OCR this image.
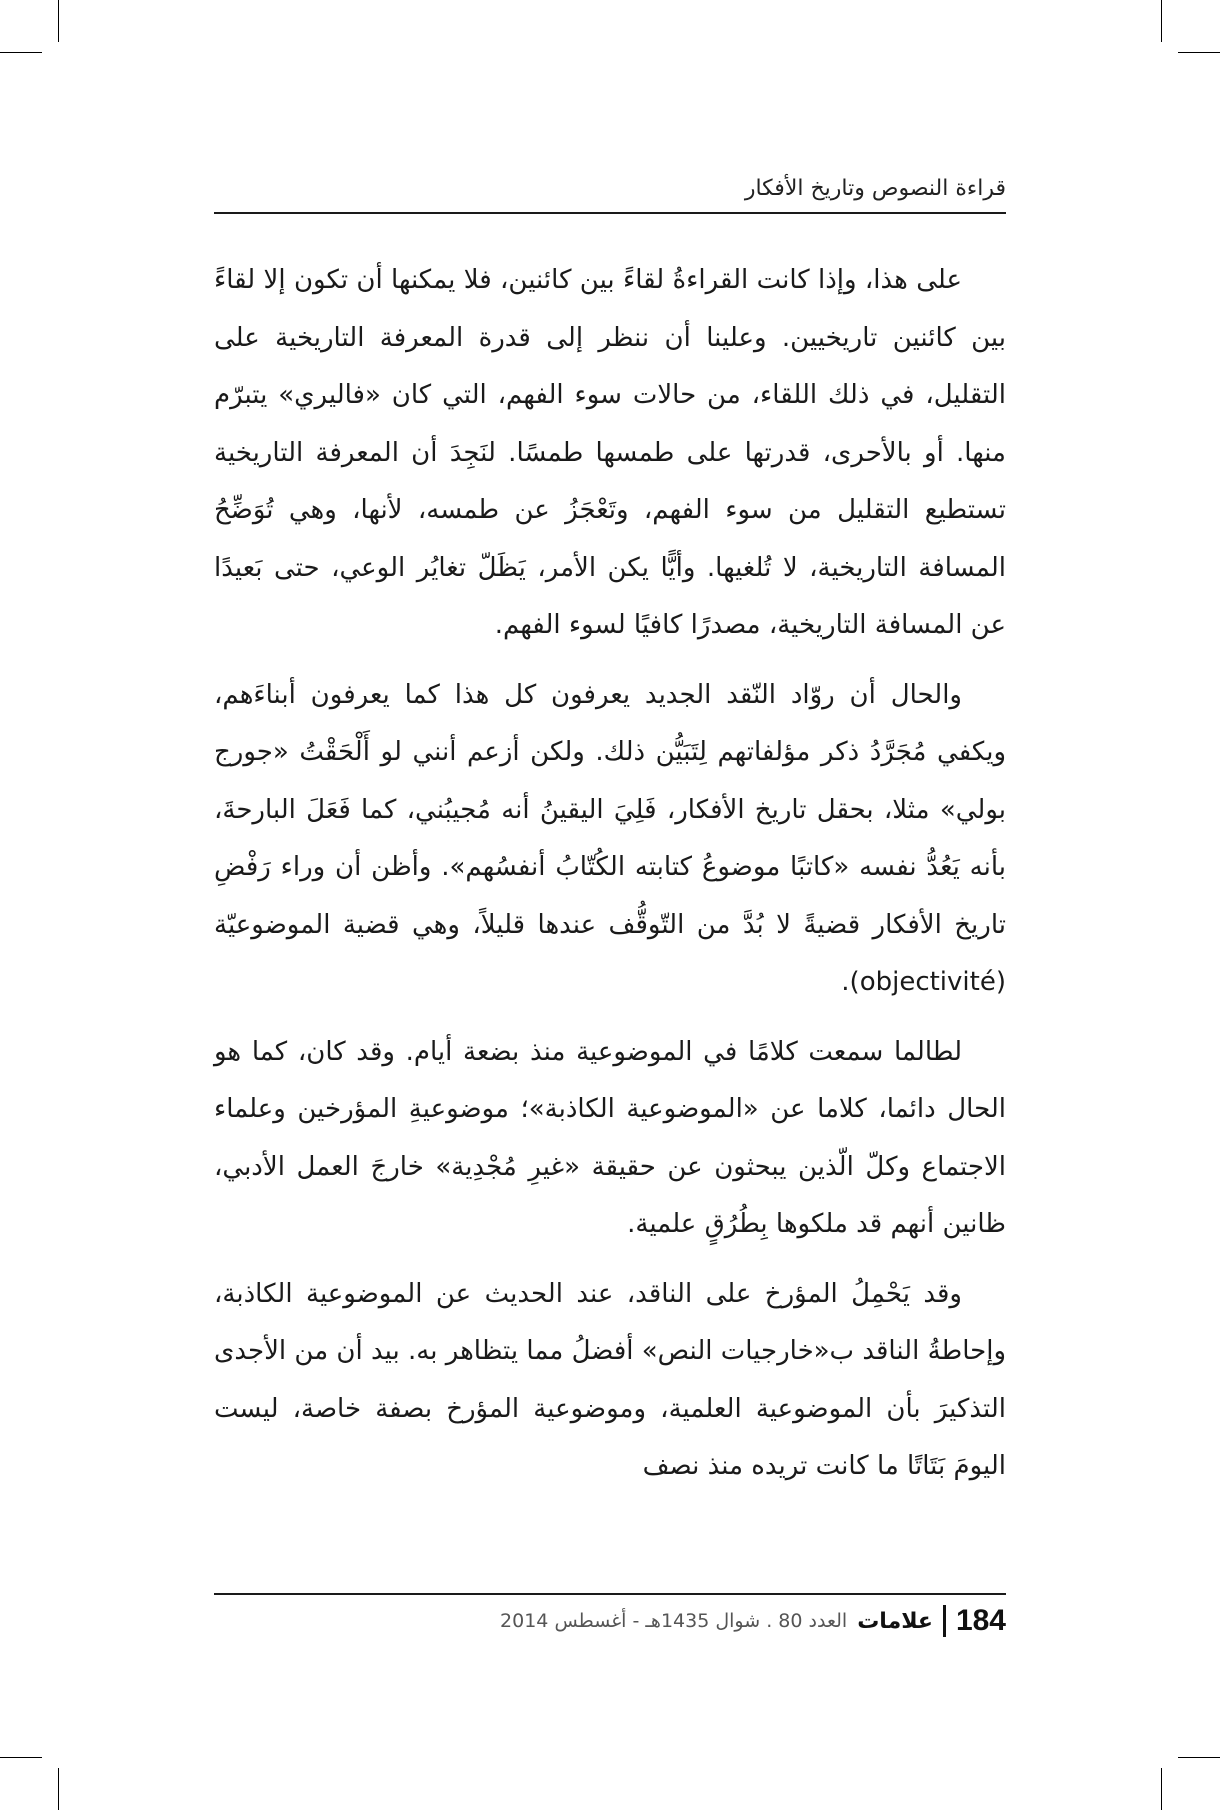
قراءة النصوص وتاريخ الأفكار

على هذا، وإذا كانت القراءةُ لقاءً بين كائنين، فلا يمكنها أن تكون إلا لقاءً بين كائنين تاريخيين. وعلينا أن ننظر إلى قدرة المعرفة التاريخية على التقليل، في ذلك اللقاء، من حالات سوء الفهم، التي كان «فاليري» يتبرّم منها. أو بالأحرى، قدرتها على طمسها طمسًا. لنَجِدَ أن المعرفة التاريخية تستطيع التقليل من سوء الفهم، وتَعْجَزُ عن طمسه، لأنها، وهي تُوَضِّحُ المسافة التاريخية، لا تُلغيها. وأيًّا يكن الأمر، يَظَلّ تغايُر الوعي، حتى بَعيدًا عن المسافة التاريخية، مصدرًا كافيًا لسوء الفهم.

والحال أن روّاد النّقد الجديد يعرفون كل هذا كما يعرفون أبناءَهم، ويكفي مُجَرَّدُ ذكر مؤلفاتهم لِتَبَيُّن ذلك. ولكن أزعم أنني لو أَلْحَقْتُ «جورج بولي» مثلا، بحقل تاريخ الأفكار، فَلِيَ اليقينُ أنه مُجيبُني، كما فَعَلَ البارحةَ، بأنه يَعُدُّ نفسه «كاتبًا موضوعُ كتابته الكُتّابُ أنفسُهم». وأظن أن وراء رَفْضِ تاريخ الأفكار قضيةً لا بُدَّ من التّوقُّف عندها قليلاً، وهي قضية الموضوعيّة (objectivité).

لطالما سمعت كلامًا في الموضوعية منذ بضعة أيام. وقد كان، كما هو الحال دائما، كلاما عن «الموضوعية الكاذبة»؛ موضوعيةِ المؤرخين وعلماء الاجتماع وكلّ الّذين يبحثون عن حقيقة «غيرِ مُجْدِية» خارجَ العمل الأدبي، ظانين أنهم قد ملكوها بِطُرُقٍ علمية.

وقد يَحْمِلُ المؤرخ على الناقد، عند الحديث عن الموضوعية الكاذبة، وإحاطةُ الناقد ب«خارجيات النص» أفضلُ مما يتظاهر به. بيد أن من الأجدى التذكيرَ بأن الموضوعية العلمية، وموضوعية المؤرخ بصفة خاصة، ليست اليومَ بَتَاتًا ما كانت تريده منذ نصف

184
علامات
العدد 80 . شوال 1435هـ - أغسطس 2014
